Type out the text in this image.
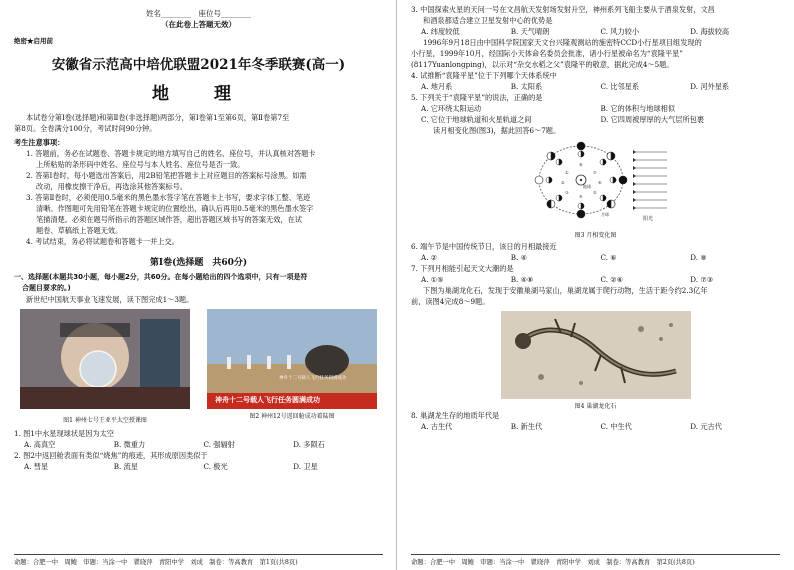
姓名________　座位号________
（在此卷上答题无效）

绝密★启用前

安徽省示范高中培优联盟2021年冬季联赛(高一)
地　理

本试卷分第Ⅰ卷(选择题)和第Ⅱ卷(非选择题)两部分，第Ⅰ卷第1至第6页，第Ⅱ卷第7至

第8页。全卷满分100分，考试时间90分钟。

考生注意事项：

1. 答题前，务必在试题卷、答题卡规定的地方填写自己的姓名、座位号，并认真核对答题卡

上所粘贴的条形码中姓名、座位号与本人姓名、座位号是否一致。

2. 答第Ⅰ卷时，每小题选出答案后，用2B铅笔把答题卡上对应题目的答案标号涂黑。如需

改动，用橡皮擦干净后，再选涂其他答案标号。

3. 答第Ⅱ卷时，必须使用0.5毫米的黑色墨水签字笔在答题卡上书写，要求字体工整、笔迹

清晰。作图题可先用铅笔在答题卡规定的位置绘出，确认后再用0.5毫米的黑色墨水签字

笔描清楚。必须在题号所指示的答题区域作答，超出答题区域书写的答案无效，在试

题卷、草稿纸上答题无效。

4. 考试结束，务必将试题卷和答题卡一并上交。

第Ⅰ卷(选择题　共60分)

一、选择题(本题共30小题，每小题2分，共60分。在每小题给出的四个选项中，只有一项是符

合题目要求的。)

新世纪中国航天事业飞速发展，读下图完成1～3题。

图1 神州七号王亚平太空授课图
神舟十二号载人飞行任务圆满成功
神舟十二号载人飞行任务圆满成功
图2 神州12号返回舱成功着陆图

1. 图1中水星现球状是因为太空

A. 高真空	B. 微重力	C. 强辐射	D. 多陨石

2. 图2中返回舱表面有类似“烧焦”的痕迹，其形成原因类似于

A. 彗星	B. 流星	C. 极光	D. 卫星
命题：合肥一中　周鲍　审题：当涂一中　瞿晓萍　青阳中学　刘成　制卷：等高教育　第1页(共8页)

3. 中国探索火星的天问一号在文昌航天发射场发射升空，神州系列飞船主要从于酒泉发射，文昌

和酒泉都适合建立卫星发射中心的优势是

A. 纬度较低	B. 天气晴朗	C. 风力较小	D. 海拔较高

1996年9月18日由中国科学院国家天文台兴隆观测站的施密特CCD小行星项目组发现的

小行星，1999年10月，经国际小天体命名委员会批准，诸小行星被命名为“袁隆平星”

(8117Yuanlongping)，以示对“杂交水稻之父”袁隆平的敬意，据此完成4～5题。

4. 试推断“袁隆平星”位于下列哪个天体系统中

A. 地月系	B. 太阳系	C. 比邻星系	D. 河外星系

5. 下列关于“袁隆平星”的说法，正确的是

A. 它环绕太阳运动	B. 它的体积与地球相似
C. 它位于地球轨道和火星轨道之间	D. 它四周被厚厚的大气层所包裹

读月相变化图(图3)，据此回答6～7题。

①
②
③
④
⑤
⑥
⑦
⑧
阳光
地球
月球
图3 月相变化图

6. 端午节是中国传统节日，该日的月相最接近

A. ②	B. ④	C. ⑥	D. ⑧

7. 下列月相能引起天文大潮的是

A. ①⑤	B. ④⑧	C. ②⑥	D. ⑦③

下图为巢湖龙化石，发现于安徽巢湖马家山，巢湖龙属于爬行动物，生活于距今约2.3亿年

前，读图4完成8～9题。

图4 巢湖龙化石

8. 巢湖龙生存的地质年代是

A. 古生代	B. 新生代	C. 中生代	D. 元古代
命题：合肥一中　周鲍　审题：当涂一中　瞿晓萍　青阳中学　刘成　制卷：等高教育　第2页(共8页)
